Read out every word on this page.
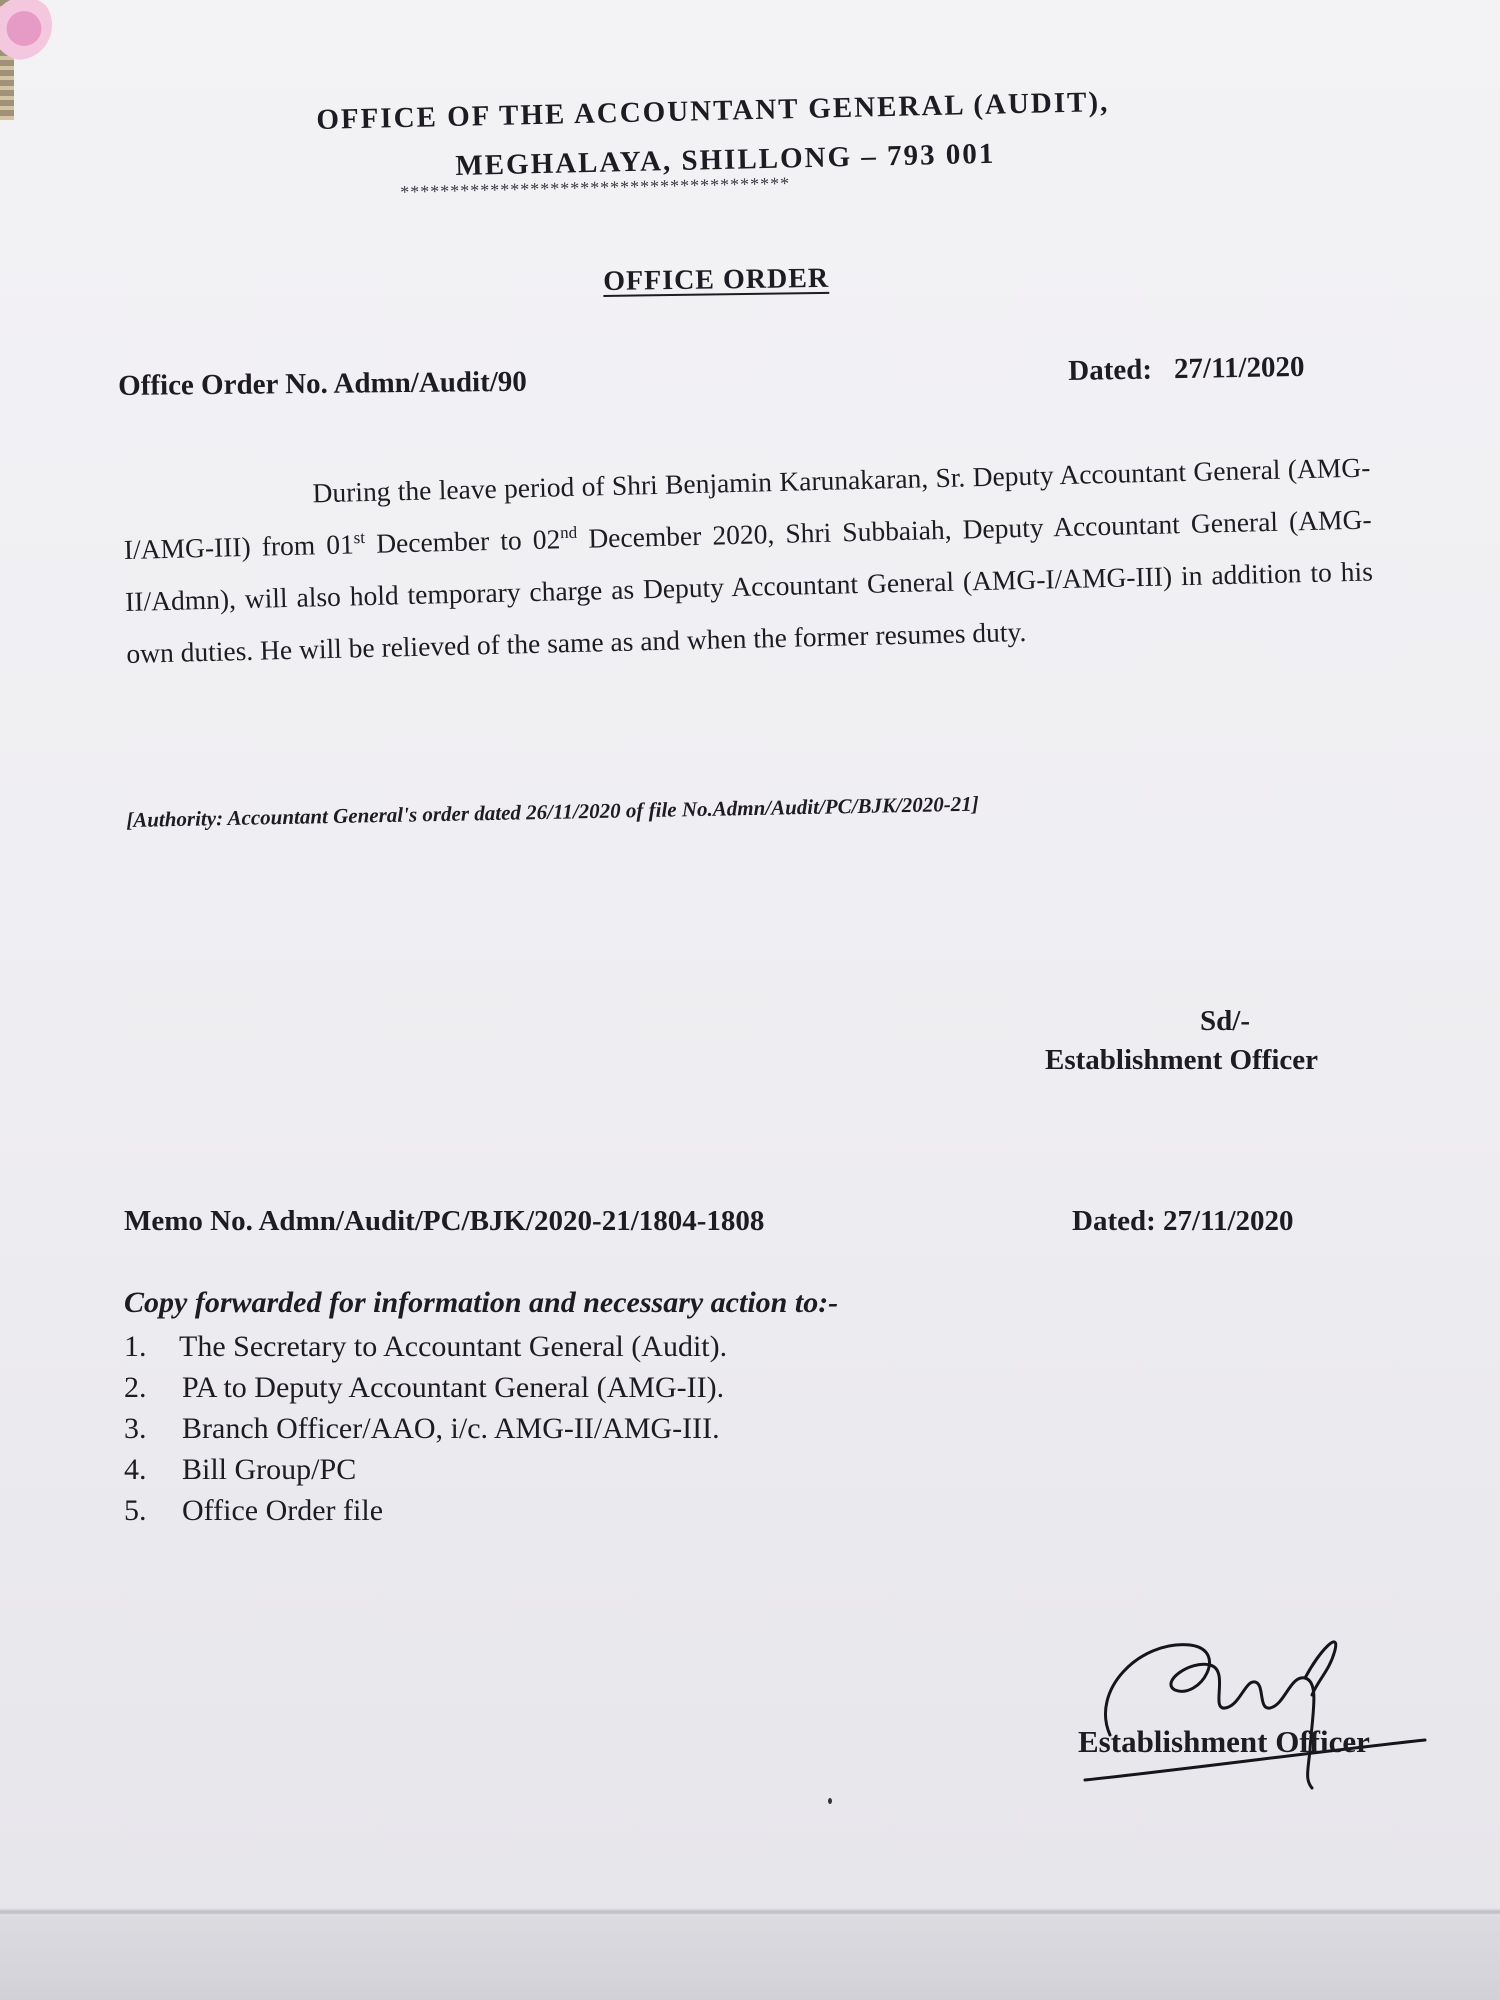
OFFICE OF THE ACCOUNTANT GENERAL (AUDIT),
MEGHALAYA, SHILLONG – 793 001
***************************************
OFFICE ORDER
Office Order No. Admn/Audit/90	Dated: 27/11/2020
During the leave period of Shri Benjamin Karunakaran, Sr. Deputy Accountant General (AMG-I/AMG-III) from 01st December to 02nd December 2020, Shri Subbaiah, Deputy Accountant General (AMG-II/Admn), will also hold temporary charge as Deputy Accountant General (AMG-I/AMG-III) in addition to his own duties. He will be relieved of the same as and when the former resumes duty.
[Authority: Accountant General's order dated 26/11/2020 of file No.Admn/Audit/PC/BJK/2020-21]
Sd/-
Establishment Officer
Memo No. Admn/Audit/PC/BJK/2020-21/1804-1808	Dated: 27/11/2020
Copy forwarded for information and necessary action to:-
1.	The Secretary to Accountant General (Audit).
2.	PA to Deputy Accountant General (AMG-II).
3.	Branch Officer/AAO, i/c. AMG-II/AMG-III.
4.	Bill Group/PC
5.	Office Order file
Establishment Officer
